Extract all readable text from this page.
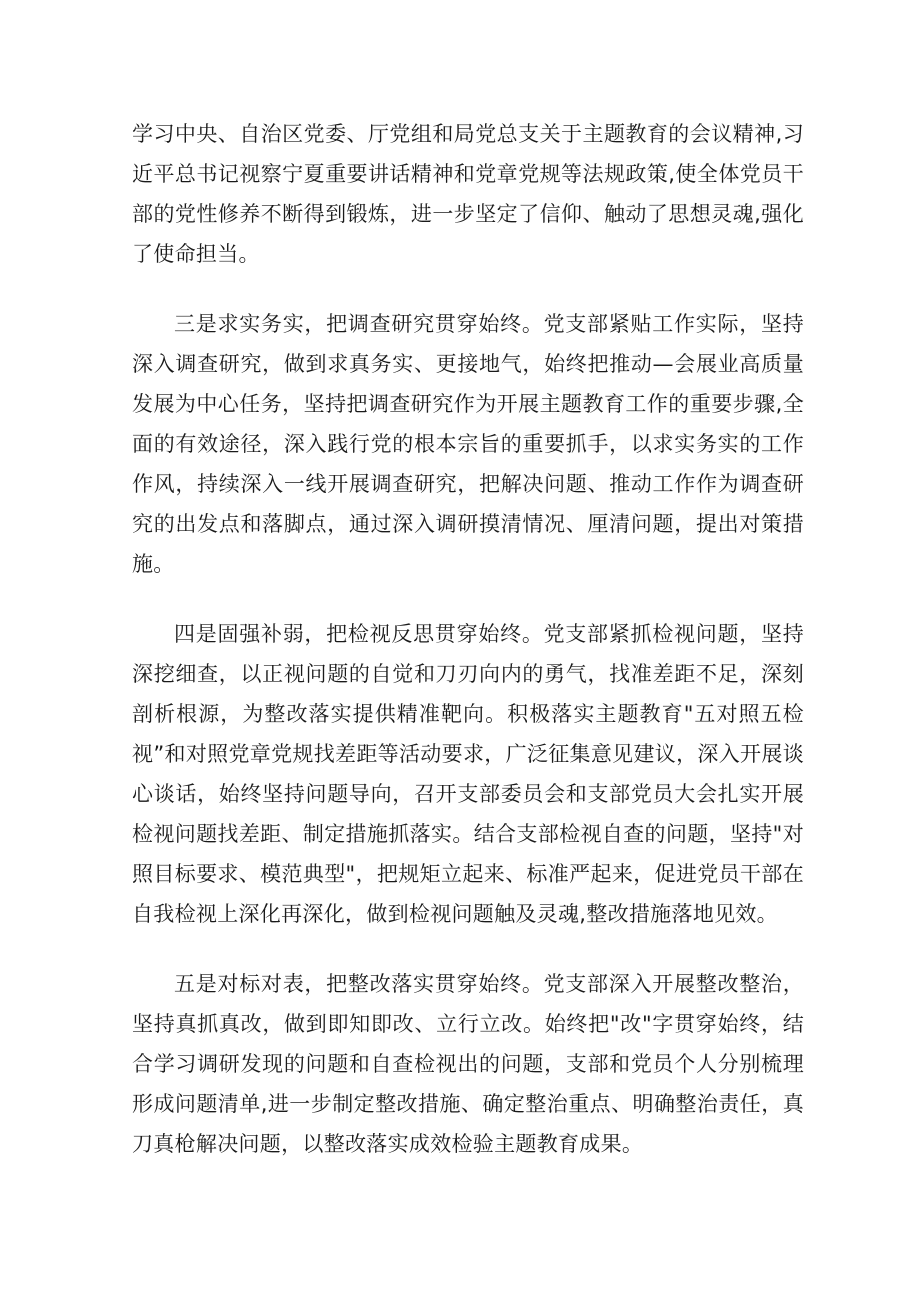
学习中央、自治区党委、厅党组和局党总支关于主题教育的会议精神,习近平总书记视察宁夏重要讲话精神和党章党规等法规政策,使全体党员干部的党性修养不断得到锻炼，进一步坚定了信仰、触动了思想灵魂,强化了使命担当。

三是求实务实，把调查研究贯穿始终。党支部紧贴工作实际，坚持深入调查研究，做到求真务实、更接地气，始终把推动—会展业高质量发展为中心任务，坚持把调查研究作为开展主题教育工作的重要步骤,全面的有效途径，深入践行党的根本宗旨的重要抓手，以求实务实的工作作风，持续深入一线开展调查研究，把解决问题、推动工作作为调查研究的出发点和落脚点，通过深入调研摸清情况、厘清问题，提出对策措施。

四是固强补弱，把检视反思贯穿始终。党支部紧抓检视问题，坚持深挖细查，以正视问题的自觉和刀刃向内的勇气，找准差距不足，深刻剖析根源，为整改落实提供精准靶向。积极落实主题教育"五对照五检视”和对照党章党规找差距等活动要求，广泛征集意见建议，深入开展谈心谈话，始终坚持问题导向，召开支部委员会和支部党员大会扎实开展检视问题找差距、制定措施抓落实。结合支部检视自查的问题，坚持"对照目标要求、模范典型"，把规矩立起来、标准严起来，促进党员干部在自我检视上深化再深化，做到检视问题触及灵魂,整改措施落地见效。

五是对标对表，把整改落实贯穿始终。党支部深入开展整改整治，坚持真抓真改，做到即知即改、立行立改。始终把"改"字贯穿始终，结合学习调研发现的问题和自查检视出的问题，支部和党员个人分别梳理形成问题清单,进一步制定整改措施、确定整治重点、明确整治责任，真刀真枪解决问题，以整改落实成效检验主题教育成果。
